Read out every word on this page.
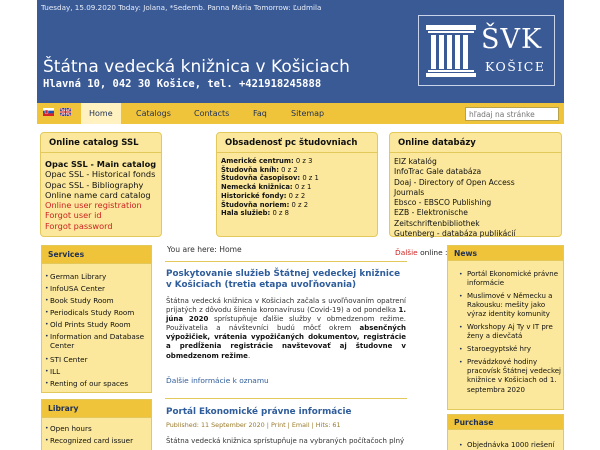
Tuesday, 15.09.2020 Today: Jolana, *Sedemb. Panna Mária Tomorrow: Ľudmila
Štátna vedecká knižnica v Košiciach
Hlavná 10, 042 30 Košice, tel. +421918245888
ŠVK
KOŠICE
Home	Catalogs	Contacts	Faq	Sitemap
hľadaj na stránke
Online catalog SSL
Opac SSL - Main catalog
Opac SSL - Historical fonds
Opac SSL - Bibliography
Online name card catalog
Online user registration
Forgot user id
Forgot password
Obsadenosť pc študovniach
Americké centrum: 0 z 3
Študovňa kníh: 0 z 2
Študovňa časopisov: 0 z 1
Nemecká knižnica: 0 z 1
Historické fondy: 0 z 2
Študovňa noriem: 0 z 2
Hala služieb: 0 z 8
Online databázy
EIZ katalóg
InfoTrac Gale databáza
Doaj - Directory of Open Access
Journals
Ebsco - EBSCO Publishing
EZB - Elektronische
Zeitschriftenbibliothek
Gutenberg - databáza publikácií
Services
• German Library
• InfoUSA Center
• Book Study Room
• Periodicals Study Room
• Old Prints Study Room
• Information and Database Center
• STI Center
• ILL
• Renting of our spaces
Library
• Open hours
• Recognized card issuer
You are here: Home
Poskytovanie služieb Štátnej vedeckej knižnice v Košiciach (tretia etapa uvoľňovania)
Štátna vedecká knižnica v Košiciach začala s uvoľňovaním opatrení prijatých z dôvodu šírenia koronavírusu (Covid-19) a od pondelka 1. júna 2020 sprístupňuje ďalšie služby v obmedzenom režime. Používatelia a návštevníci budú môcť okrem absenčných výpožičiek, vrátenia vypožičaných dokumentov, registrácie a predĺženia registrácie navštevovať aj študovne v obmedzenom režime.
Ďalšie informácie k oznamu
Portál Ekonomické právne informácie
Published: 11 September 2020 | Print | Email | Hits: 61
Štátna vedecká knižnica sprístupňuje na vybraných počítačoch plný
Ďalšie online : News
• Portál Ekonomické právne informácie
• Muslimové v Německu a Rakousku: mešity jako výraz identity komunity
• Workshopy Aj Ty v IT pre ženy a dievčatá
• Staroegyptské hry
• Prevádzkové hodiny pracovísk Štátnej vedeckej knižnice v Košiciach od 1. septembra 2020
Purchase
• Objednávka 1000 riešení
